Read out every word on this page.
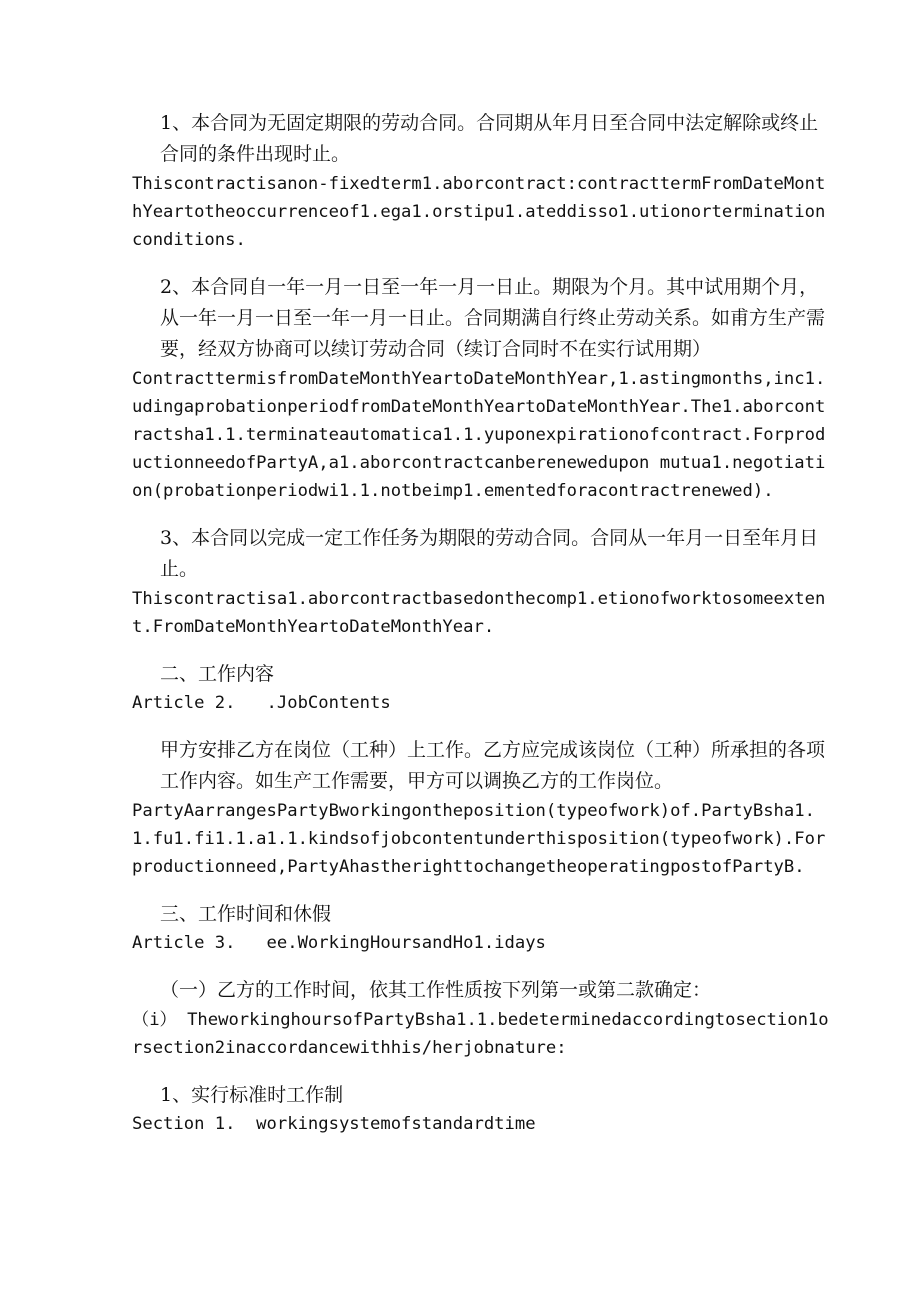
1、本合同为无固定期限的劳动合同。合同期从年月日至合同中法定解除或终止合同的条件出现时止。

Thiscontractisanon-fixedterm1.aborcontract:contracttermFromDateMonthYeartotheoccurrenceof1.ega1.orstipu1.ateddisso1.utionorterminationconditions.

2、本合同自一年一月一日至一年一月一日止。期限为个月。其中试用期个月，从一年一月一日至一年一月一日止。合同期满自行终止劳动关系。如甫方生产需要，经双方协商可以续订劳动合同（续订合同时不在实行试用期）

ContracttermisfromDateMonthYeartoDateMonthYear,1.astingmonths,inc1.udingaprobationperiodfromDateMonthYeartoDateMonthYear.The1.aborcontractsha1.1.terminateautomatica1.1.yuponexpirationofcontract.ForproductionneedofPartyA,a1.aborcontractcanberenewedupon mutua1.negotiation(probationperiodwi1.1.notbeimp1.ementedforacontractrenewed).

3、本合同以完成一定工作任务为期限的劳动合同。合同从一年月一日至年月日止。

Thiscontractisa1.aborcontractbasedonthecomp1.etionofworktosomeextent.FromDateMonthYeartoDateMonthYear.

二、工作内容

Article 2.   .JobContents

甲方安排乙方在岗位（工种）上工作。乙方应完成该岗位（工种）所承担的各项工作内容。如生产工作需要，甲方可以调换乙方的工作岗位。

PartyAarrangesPartyBworkingontheposition(typeofwork)of.PartyBsha1.1.fu1.fi1.1.a1.1.kindsofjobcontentunderthisposition(typeofwork).Forproductionneed,PartyAhastherighttochangetheoperatingpostofPartyB.

三、工作时间和休假

Article 3.   ee.WorkingHoursandHo1.idays

（一）乙方的工作时间，依其工作性质按下列第一或第二款确定：

（i） TheworkinghoursofPartyBsha1.1.bedeterminedaccordingtosection1orsection2inaccordancewithhis/herjobnature:

1、实行标准时工作制

Section 1.  workingsystemofstandardtime
